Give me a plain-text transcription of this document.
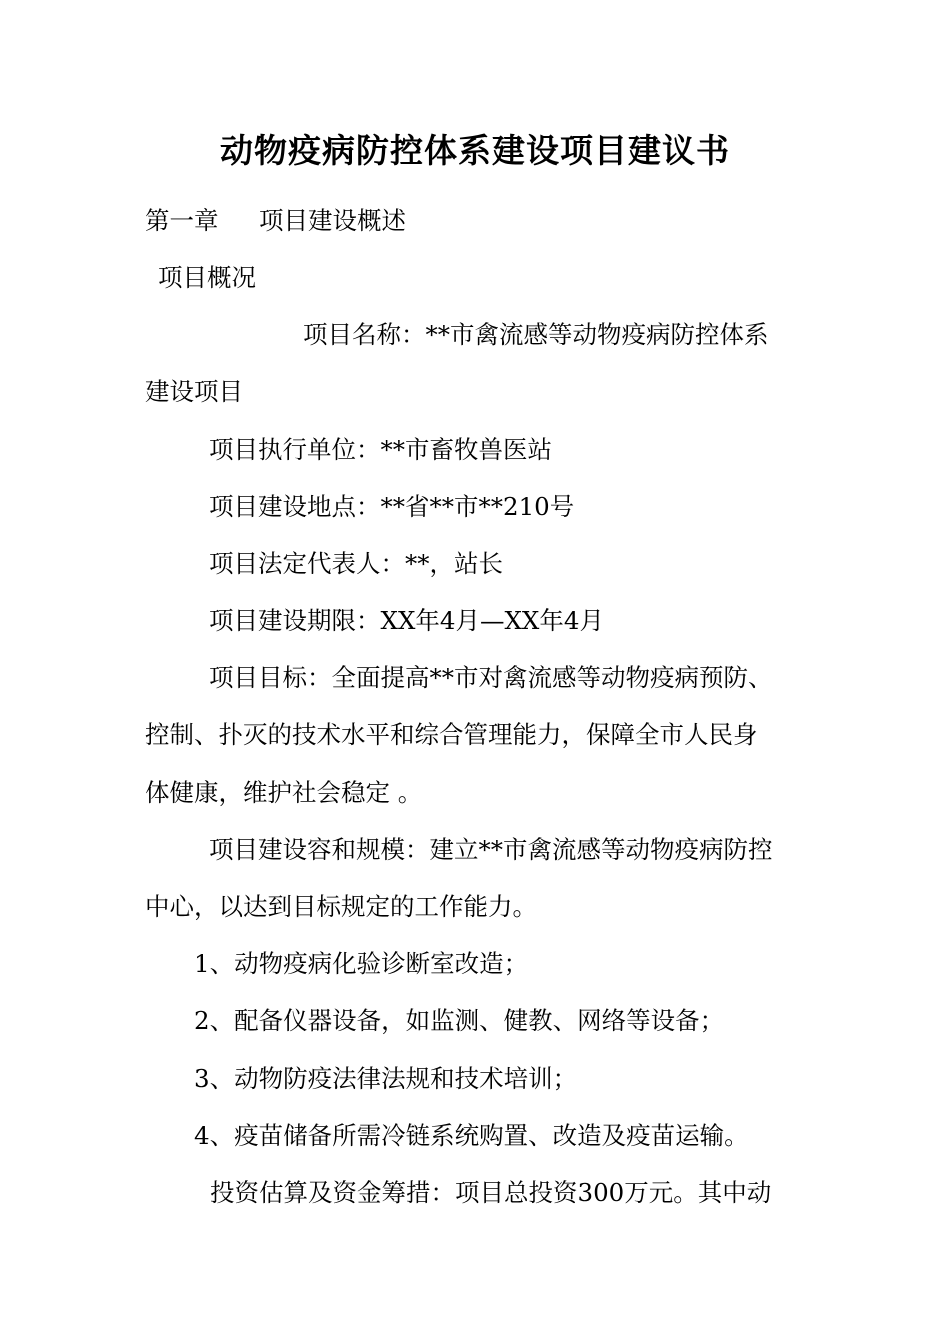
动物疫病防控体系建设项目建议书
第一章 项目建设概述
项目概况
项目名称：**市禽流感等动物疫病防控体系
建设项目
项目执行单位：**市畜牧兽医站
项目建设地点：**省**市**210号
项目法定代表人：**，站长
项目建设期限：XX年4月—XX年4月
项目目标：全面提高**市对禽流感等动物疫病预防、
控制、扑灭的技术水平和综合管理能力，保障全市人民身
体健康，维护社会稳定 。
项目建设容和规模：建立**市禽流感等动物疫病防控
中心，以达到目标规定的工作能力。
1、动物疫病化验诊断室改造；
2、配备仪器设备，如监测、健教、网络等设备；
3、动物防疫法律法规和技术培训；
4、疫苗储备所需冷链系统购置、改造及疫苗运输。
投资估算及资金筹措：项目总投资300万元。其中动
